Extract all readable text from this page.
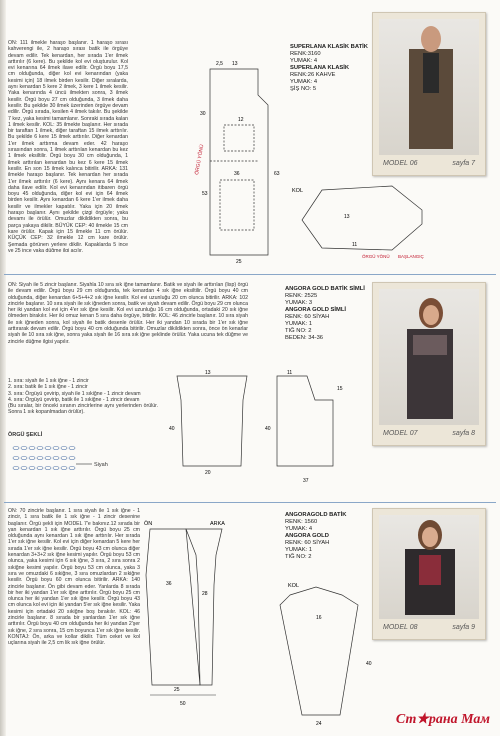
ÖN: 111 ilmekle haraşo başlanır. 1 haraşo sırası kahverengi ile, 2 haraşo sırası batik ile örgüye devam edilir. Tek kenardan, her sırada 1'er ilmek arttırılır (6 kere). Bu şekilde kol evi oluşturulur. Kol evi kenarına 64 ilmek ilave edilir. Örgü boyu 17,5 cm olduğunda, diğer kol evi kenarından (yaka kesimi için) 18 ilmek birden kesilir. Diğer sıralarda, aynı kenardan 5 kere 2 ilmek, 3 kere 1 ilmek kesilir. Yaka kenarında 4 üncü ilmekten sonra, 3 ilmek kesilir. Örgü boyu 27 cm olduğunda, 3 ilmek daha kesilir. Bu şekilde 30 ilmek üzerinden örgüye devam edilir. Örgü sırada, kesilen 4 ilmek takılır. Bu şekilde 7 kez, yaka kesimi tamamlanır. Sonraki sırada kalan 1 ilmek kesilir. KOL: 35 ilmekte başlanır. Her sırada bir taraftan 1 ilmek, diğer taraftan 15 ilmek arttırılır. Bu şekilde 6 kere 15 ilmek arttırılır. Diğer kenardan 1'er ilmek arttırma devam eder. 42 haraşo sırasından sonra, 1 ilmek arttırılan kenardan bu kez 1 ilmek eksiltilir. Örgü boyu 30 cm olduğunda, 1 ilmek arttırılan kenardan bu kez 6 kere 15 ilmek kesilir. En son 15 ilmek kalınca bitirilir. ARKA: 131 ilmekle haraşo başlanır. Tek kenardan her sırada 1'er ilmek arttırılır (6 kere). Aynı kenara 64 ilmek daha ilave edilir. Kol evi kenarından itibaren örgü boyu 45 olduğunda, diğer kol evi için 64 ilmek birden kesilir. Aynı kenardan 6 kere 1'er ilmek daha kesilir ve ilmekler kapatılır. Yaka için 20 ilmek haraşo başlanır. Aynı şekilde çizgi örgüyle; yaka devamı ile örülür. Omuzlar dikildikten sonra, bu parça yakaya dikilir. BÜYÜK CEP: 40 ilmekle 15 cm kare örülür. Kapak için 15 ilmekle 11 cm örülür. KÜÇÜK CEP: 32 ilmekle 12 cm kare örülür. Şemada görünen yerlere dikilir. Kapaklarda 5 ince ve 25 ince yaka düğme ilgi açılır.

ÖRGÜ YÖNÜ
2,5 13
12
30
36	63
53
25
KOL
ÖRGÜ YÖNÜ BAŞLANGIÇ
13
11
SUPERLANA KLASİK BATİK
RENK:3160
YUMAK: 4
SUPERLANA KLASİK
RENK:26 KAHVE
YUMAK: 4
ŞİŞ NO: 5
MODEL 06	sayfa 7

ÖN: Siyah ile 5 zincir başlanır. Siyahla 10 sıra sık iğne tamamlanır. Batik ve siyah ile arttırılan (lisp) örgü ile devam edilir. Örgü boyu 29 cm olduğunda, tek kenardan 4 sık iğne eksiltilir. Örgü boyu 40 cm olduğunda, diğer kenardan 6+5+4+2 sık iğne kesilir. Kol evi uzunluğu 20 cm olunca bitirilir. ARKA: 102 zincirle başlanır. 10 sıra siyah ile sık iğneden sonra, batik ve siyah devam edilir. Örgü boyu 29 cm olunca her iki yandan kol evi için 4'er sık iğne kesilir. Kol evi uzunluğu 16 cm olduğunda, ortadaki 20 sık iğne ölmeden birakılır. Her iki omuz kenarı 5 sıra daha örgüye, bitirilir. KOL: 46 zincirle başlanır. 10 sıra siyah ile sık iğneden sonra, kol siyah ile batik desenle örülür. Her iki yandan 10 sırada bir 1'er sık iğne arttırarak devam edilir. Örgü boyu 40 cm olduğunda bitirilir. Omuzlar dikildikten sonra, önce ön kenarlar siyah ile 10 sıra sık iğne, sonra yaka siyah ile 16 sıra sık iğne şeklinde örülür. Yaka ucuna tek düğme ve zincirle düğme ilgisi yapılır.

1. sıra: siyah ile 1 sık iğne - 1 zincir

2. sıra: batik ile 1 sık iğne - 1 zincir

3. sıra: Örgüyü çevirip, siyah ile 1 sıkiğne - 1 zincir devam

4. sıra: Örgüyü çevirip, batik ile 1 sıkiğne - 1 zincir devam

(Bu sıralar, bir önceki sıranın zincirlerine aynı yerlerinden örülür. Sonra 1 sık kopanlmadan örülür).

ÖRGÜ ŞEKLİ
Siyah
13
40
20
11
40
15
37
ANGORA GOLD BATİK SİMLİ
RENK: 2525
YUMAK: 3
ANGORA GOLD SİMLİ
RENK: 60 SİYAH
YUMAK: 1
TIĞ NO: 2
BEDEN: 34-36
MODEL 07	sayfa 8

ÖN: 70 zincirle başlanır. 1 sıra siyah ile 1 sık iğne - 1 zincir, 1 sıra batik ile 1 sık iğne - 1 zincir desenine başlanır. Örgü şekli için MODEL 7'e bakınız.12 sırada bir yan kenardan 1 sık iğne arttırılır. Örgü boyu 25 cm olduğunda aynı kenardan 1 sık iğne arttırılır. Her sırada 1'er sık iğne kesilir. Kol evi için diğer kenardan 5 kere her sırada 1'er sık iğne kesilir. Örgü boyu 43 cm olunca diğer kenardan 3+3+2 sık iğne kesimi yapılır. Örgü boyu 53 cm olunca, yaka kesimi için 6 sık iğne, 3 sıra, 2 sıra sonra 2 sıkiğne kesimi yapılır. Örgü boyu 53 cm olunca, yaka 3 sıra ve omuzdaki 6 sıkiğne, 3 sıra omuzlardan 2 sıkiğne kesilir. Örgü boyu 60 cm olunca bitirilir. ARKA: 140 zincirle başlanır. Ön gibi devam eder. Yanlarda 8 sırada bir her iki yandan 1'er sık iğne arttırılır. Örgü boyu 25 cm olunca her iki yandan 1'er sık iğne kesilir. Örgü boyu 43 cm olunca kol evi için iki yandan 5'er sık iğne kesilir. Yaka kesimi için ortadaki 20 sıkiğne boş bırakılır. KOL: 46 zincirle başlanır. 8 sırada bir yanlardan 1'er sık iğne arttırılır. Örgü boyu 40 cm olduğunda her iki yandan 2'şer sık iğne, 2 sıra sonra, 15 cm boyunca 1'er sık iğne kesilir. KONTAJ: Ön, arka ve kollar dikilir. Tüm ceket ve kol uçlarına siyah ile 2,5 cm lik sık iğne örülür.

ÖN	ARKA
36
28
25
50
KOL
16
40
24
ANGORAGOLD BATİK
RENK: 1560
YUMAK: 4
ANGORA GOLD
RENK: 60 SİYAH
YUMAK: 1
TIĞ NO: 2
MODEL 08	sayfa 9
Ст★рана Мам
